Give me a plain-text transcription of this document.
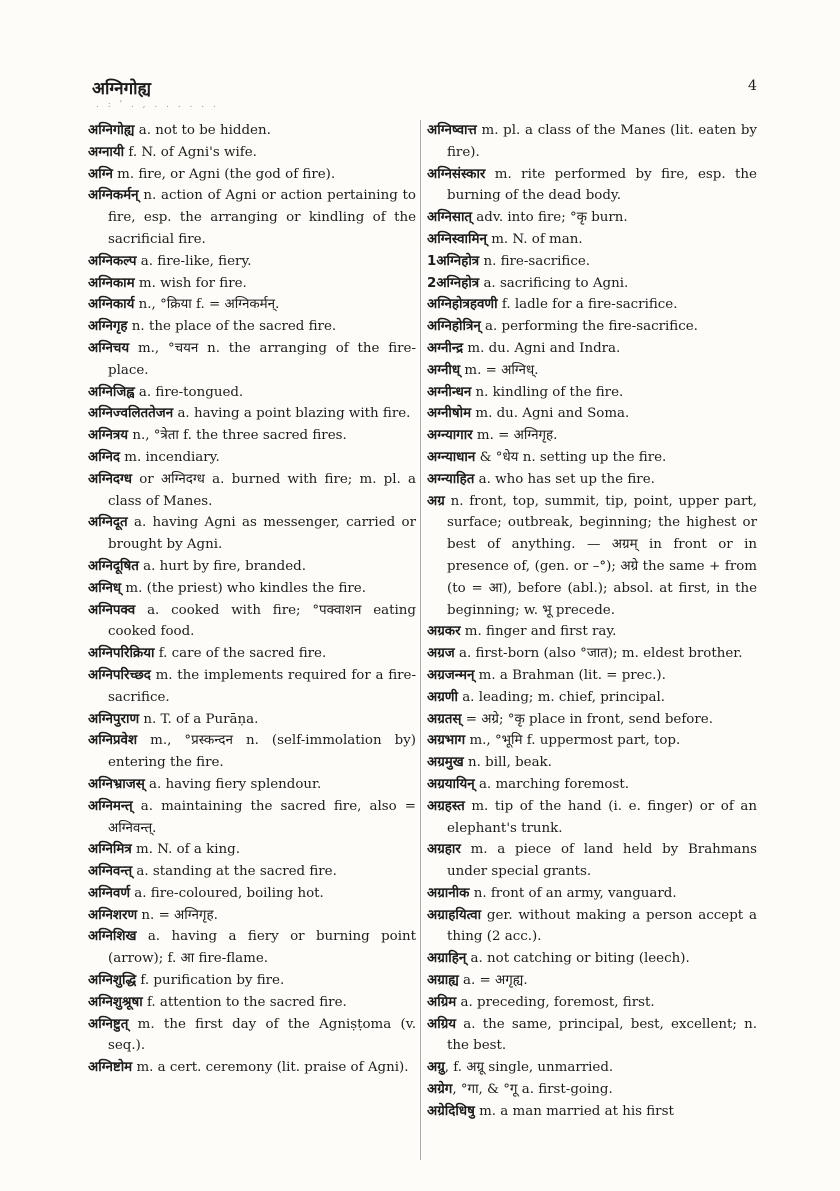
अग्निगोह्य
. : ' . , . . . . . .
4
अग्निगोह्य a. not to be hidden.
अग्नायी f. N. of Agni's wife.
अग्नि m. fire, or Agni (the god of fire).
अग्निकर्मन् n. action of Agni or action pertaining to fire, esp. the arranging or kindling of the sacrificial fire.
अग्निकल्प a. fire-like, fiery.
अग्निकाम m. wish for fire.
अग्निकार्य n., °क्रिया f. = अग्निकर्मन्.
अग्निगृह n. the place of the sacred fire.
अग्निचय m., °चयन n. the arranging of the fire-place.
अग्निजिह्व a. fire-tongued.
अग्निज्वलिततेजन a. having a point blazing with fire.
अग्नित्रय n., °त्रेता f. the three sacred fires.
अग्निद m. incendiary.
अग्निदग्ध or अग्निदग्ध a. burned with fire; m. pl. a class of Manes.
अग्निदूत a. having Agni as messenger, carried or brought by Agni.
अग्निदूषित a. hurt by fire, branded.
अग्निध् m. (the priest) who kindles the fire.
अग्निपक्व a. cooked with fire; °पक्वाशन eating cooked food.
अग्निपरिक्रिया f. care of the sacred fire.
अग्निपरिच्छद m. the implements required for a fire-sacrifice.
अग्निपुराण n. T. of a Purāṇa.
अग्निप्रवेश m., °प्रस्कन्दन n. (self-immolation by) entering the fire.
अग्निभ्राजस् a. having fiery splendour.
अग्निमन्त् a. maintaining the sacred fire, also = अग्निवन्त्.
अग्निमित्र m. N. of a king.
अग्निवन्त् a. standing at the sacred fire.
अग्निवर्ण a. fire-coloured, boiling hot.
अग्निशरण n. = अग्निगृह.
अग्निशिख a. having a fiery or burning point (arrow); f. आ fire-flame.
अग्निशुद्धि f. purification by fire.
अग्निशुश्रूषा f. attention to the sacred fire.
अग्निष्टुत् m. the first day of the Agniṣṭoma (v. seq.).
अग्निष्टोम m. a cert. ceremony (lit. praise of Agni).
अग्निष्वात्त m. pl. a class of the Manes (lit. eaten by fire).
अग्निसंस्कार m. rite performed by fire, esp. the burning of the dead body.
अग्निसात् adv. into fire; °कृ burn.
अग्निस्वामिन् m. N. of man.
1अग्निहोत्र n. fire-sacrifice.
2अग्निहोत्र a. sacrificing to Agni.
अग्निहोत्रहवणी f. ladle for a fire-sacrifice.
अग्निहोत्रिन् a. performing the fire-sacrifice.
अग्नीन्द्र m. du. Agni and Indra.
अग्नीध् m. = अग्निध्.
अग्नीन्धन n. kindling of the fire.
अग्नीषोम m. du. Agni and Soma.
अग्न्यागार m. = अग्निगृह.
अग्न्याधान & °धेय n. setting up the fire.
अग्न्याहित a. who has set up the fire.
अग्र n. front, top, summit, tip, point, upper part, surface; outbreak, beginning; the highest or best of anything. — अग्रम् in front or in presence of, (gen. or –°); अग्रे the same + from (to = आ), before (abl.); absol. at first, in the beginning; w. भू precede.
अग्रकर m. finger and first ray.
अग्रज a. first-born (also °जात); m. eldest brother.
अग्रजन्मन् m. a Brahman (lit. = prec.).
अग्रणी a. leading; m. chief, principal.
अग्रतस् = अग्रे; °कृ place in front, send before.
अग्रभाग m., °भूमि f. uppermost part, top.
अग्रमुख n. bill, beak.
अग्रयायिन् a. marching foremost.
अग्रहस्त m. tip of the hand (i. e. finger) or of an elephant's trunk.
अग्रहार m. a piece of land held by Brahmans under special grants.
अग्रानीक n. front of an army, vanguard.
अग्राहयित्वा ger. without making a person accept a thing (2 acc.).
अग्राहिन् a. not catching or biting (leech).
अग्राह्य a. = अगृह्य.
अग्रिम a. preceding, foremost, first.
अग्रिय a. the same, principal, best, excellent; n. the best.
अग्रु, f. अग्रू single, unmarried.
अग्रेग, °गा, & °गू a. first-going.
अग्रेदिधिषु m. a man married at his first
